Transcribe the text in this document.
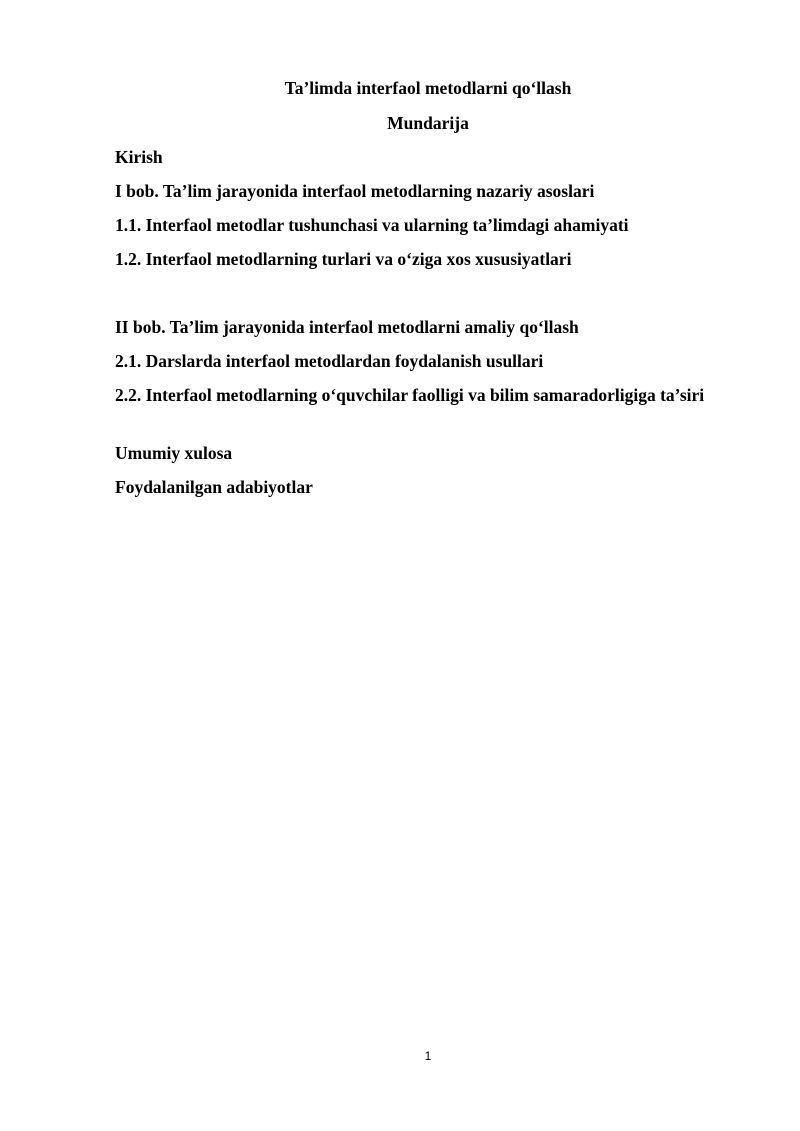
Ta’limda interfaol metodlarni qo‘llash

Mundarija

Kirish

I bob. Ta’lim jarayonida interfaol metodlarning nazariy asoslari

1.1. Interfaol metodlar tushunchasi va ularning ta’limdagi ahamiyati

1.2. Interfaol metodlarning turlari va o‘ziga xos xususiyatlari

II bob. Ta’lim jarayonida interfaol metodlarni amaliy qo‘llash

2.1. Darslarda interfaol metodlardan foydalanish usullari

2.2. Interfaol metodlarning o‘quvchilar faolligi va bilim samaradorligiga ta’siri

Umumiy xulosa

Foydalanilgan adabiyotlar

1
